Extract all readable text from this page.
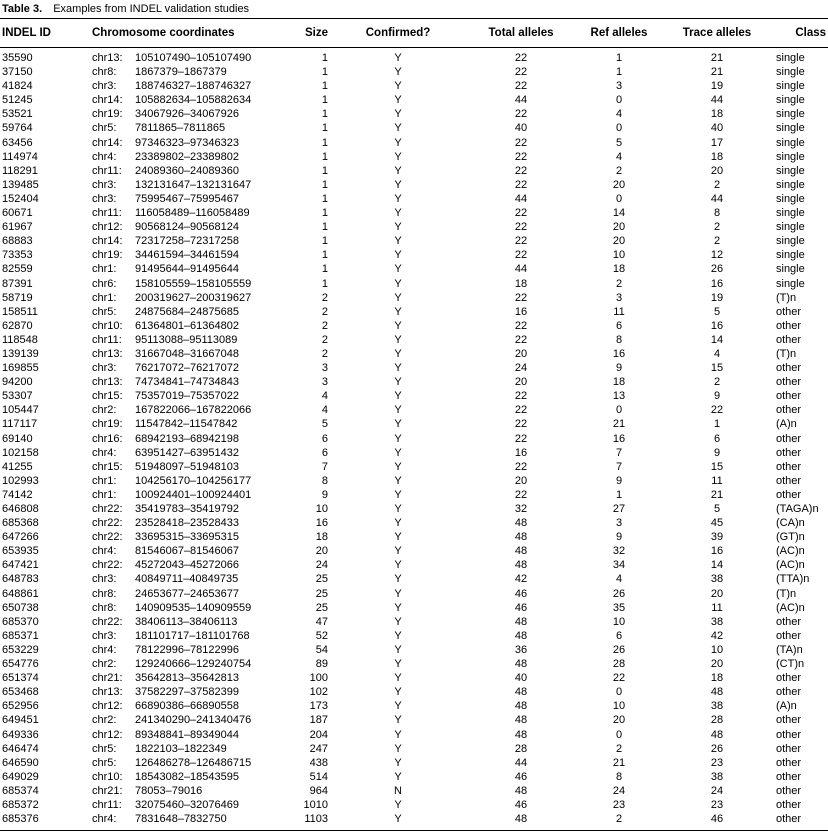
Table 3. Examples from INDEL validation studies
INDEL ID	Chromosome coordinates	Size	Confirmed?	Total alleles	Ref alleles	Trace alleles	Class
35590	chr13: 105107490–105107490	1	Y	22	1	21	single
37150	chr8: 1867379–1867379	1	Y	22	1	21	single
41824	chr3: 188746327–188746327	1	Y	22	3	19	single
51245	chr14: 105882634–105882634	1	Y	44	0	44	single
53521	chr19: 34067926–34067926	1	Y	22	4	18	single
59764	chr5: 7811865–7811865	1	Y	40	0	40	single
63456	chr14: 97346323–97346323	1	Y	22	5	17	single
114974	chr4: 23389802–23389802	1	Y	22	4	18	single
118291	chr11: 24089360–24089360	1	Y	22	2	20	single
139485	chr3: 132131647–132131647	1	Y	22	20	2	single
152404	chr3: 75995467–75995467	1	Y	44	0	44	single
60671	chr11: 116058489–116058489	1	Y	22	14	8	single
61967	chr12: 90568124–90568124	1	Y	22	20	2	single
68883	chr14: 72317258–72317258	1	Y	22	20	2	single
73353	chr19: 34461594–34461594	1	Y	22	10	12	single
82559	chr1: 91495644–91495644	1	Y	44	18	26	single
87391	chr6: 158105559–158105559	1	Y	18	2	16	single
58719	chr1: 200319627–200319627	2	Y	22	3	19	(T)n
158511	chr5: 24875684–24875685	2	Y	16	11	5	other
62870	chr10: 61364801–61364802	2	Y	22	6	16	other
118548	chr11: 95113088–95113089	2	Y	22	8	14	other
139139	chr13: 31667048–31667048	2	Y	20	16	4	(T)n
169855	chr3: 76217072–76217072	3	Y	24	9	15	other
94200	chr13: 74734841–74734843	3	Y	20	18	2	other
53307	chr15: 75357019–75357022	4	Y	22	13	9	other
105447	chr2: 167822066–167822066	4	Y	22	0	22	other
117117	chr19: 11547842–11547842	5	Y	22	21	1	(A)n
69140	chr16: 68942193–68942198	6	Y	22	16	6	other
102158	chr4: 63951427–63951432	6	Y	16	7	9	other
41255	chr15: 51948097–51948103	7	Y	22	7	15	other
102993	chr1: 104256170–104256177	8	Y	20	9	11	other
74142	chr1: 100924401–100924401	9	Y	22	1	21	other
646808	chr22: 35419783–35419792	10	Y	32	27	5	(TAGA)n
685368	chr22: 23528418–23528433	16	Y	48	3	45	(CA)n
647266	chr22: 33695315–33695315	18	Y	48	9	39	(GT)n
653935	chr4: 81546067–81546067	20	Y	48	32	16	(AC)n
647421	chr22: 45272043–45272066	24	Y	48	34	14	(AC)n
648783	chr3: 40849711–40849735	25	Y	42	4	38	(TTA)n
648861	chr8: 24653677–24653677	25	Y	46	26	20	(T)n
650738	chr8: 140909535–140909559	25	Y	46	35	11	(AC)n
685370	chr22: 38406113–38406113	47	Y	48	10	38	other
685371	chr3: 181101717–181101768	52	Y	48	6	42	other
653229	chr4: 78122996–78122996	54	Y	36	26	10	(TA)n
654776	chr2: 129240666–129240754	89	Y	48	28	20	(CT)n
651374	chr21: 35642813–35642813	100	Y	40	22	18	other
653468	chr13: 37582297–37582399	102	Y	48	0	48	other
652956	chr12: 66890386–66890558	173	Y	48	10	38	(A)n
649451	chr2: 241340290–241340476	187	Y	48	20	28	other
649336	chr12: 89348841–89349044	204	Y	48	0	48	other
646474	chr5: 1822103–1822349	247	Y	28	2	26	other
646590	chr5: 126486278–126486715	438	Y	44	21	23	other
649029	chr10: 18543082–18543595	514	Y	46	8	38	other
685374	chr21: 78053–79016	964	N	48	24	24	other
685372	chr11: 32075460–32076469	1010	Y	46	23	23	other
685376	chr4: 7831648–7832750	1103	Y	48	2	46	other
